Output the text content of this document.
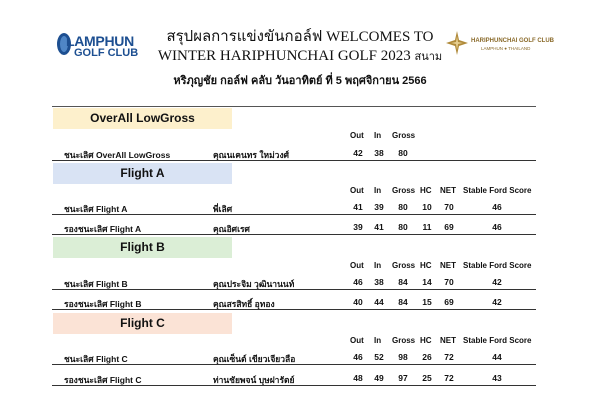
LAMPHUN
GOLF CLUB
สรุปผลการแข่งขันกอล์ฟ WELCOMES TO
WINTER HARIPHUNCHAI GOLF 2023 สนาม
หริภุญชัย กอล์ฟ คลับ วันอาทิตย์ ที่ 5 พฤศจิกายน 2566
HARIPHUNCHAI GOLF CLUB
LAMPHUN ● THAILAND
OverAll LowGross
Out In Gross
ชนะเลิศ OverAll LowGross	คุณนเคนทร ใหม่วงศ์	42	38	80
Flight A
Out In Gross HC NET Stable Ford Score
ชนะเลิศ Flight A	พี่เลิศ	41	39	80	10	70	46
รองชนะเลิศ Flight A	คุณอิศเรศ	39	41	80	11	69	46
Flight B
Out In Gross HC NET Stable Ford Score
ชนะเลิศ Flight B	คุณประจิม วุฒินานนท์	46	38	84	14	70	42
รองชนะเลิศ Flight B	คุณสรสิทธิ์ อุทอง	40	44	84	15	69	42
Flight C
Out In Gross HC NET Stable Ford Score
ชนะเลิศ Flight C	คุณเซ็นต์ เขียวเจียวลือ	46	52	98	26	72	44
รองชนะเลิศ Flight C	ท่านชัยพจน์ บุษฝารัตย์	48	49	97	25	72	43
